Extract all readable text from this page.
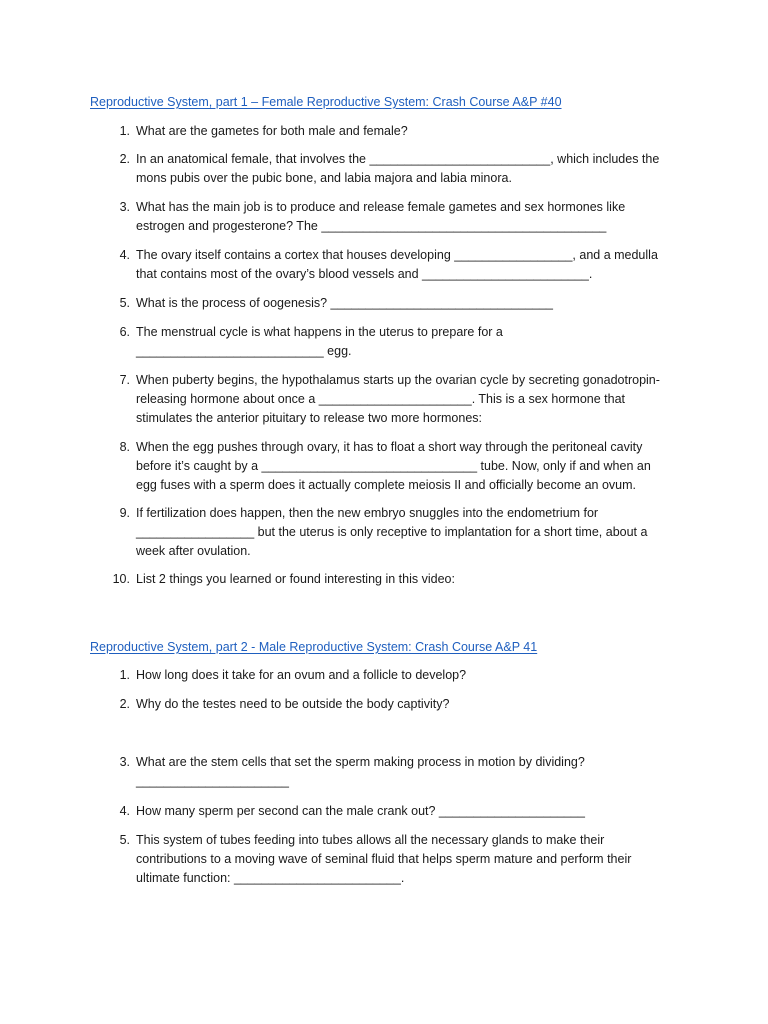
Reproductive System, part 1 – Female Reproductive System: Crash Course A&P #40
1. What are the gametes for both male and female?
2. In an anatomical female, that involves the __________________________, which includes the mons pubis over the pubic bone, and labia majora and labia minora.
3. What has the main job is to produce and release female gametes and sex hormones like estrogen and progesterone? The _________________________________________
4. The ovary itself contains a cortex that houses developing _________________, and a medulla that contains most of the ovary’s blood vessels and ________________________.
5. What is the process of oogenesis? ________________________________
6. The menstrual cycle is what happens in the uterus to prepare for a ___________________________ egg.
7. When puberty begins, the hypothalamus starts up the ovarian cycle by secreting gonadotropin-releasing hormone about once a ______________________. This is a sex hormone that stimulates the anterior pituitary to release two more hormones:
8. When the egg pushes through ovary, it has to float a short way through the peritoneal cavity before it’s caught by a _______________________________ tube. Now, only if and when an egg fuses with a sperm does it actually complete meiosis II and officially become an ovum.
9. If fertilization does happen, then the new embryo snuggles into the endometrium for _________________ but the uterus is only receptive to implantation for a short time, about a week after ovulation.
10. List 2 things you learned or found interesting in this video:
Reproductive System, part 2 - Male Reproductive System: Crash Course A&P 41
1. How long does it take for an ovum and a follicle to develop?
2. Why do the testes need to be outside the body captivity?
3. What are the stem cells that set the sperm making process in motion by dividing? ______________________
4. How many sperm per second can the male crank out? _____________________
5. This system of tubes feeding into tubes allows all the necessary glands to make their contributions to a moving wave of seminal fluid that helps sperm mature and perform their ultimate function: ________________________.
